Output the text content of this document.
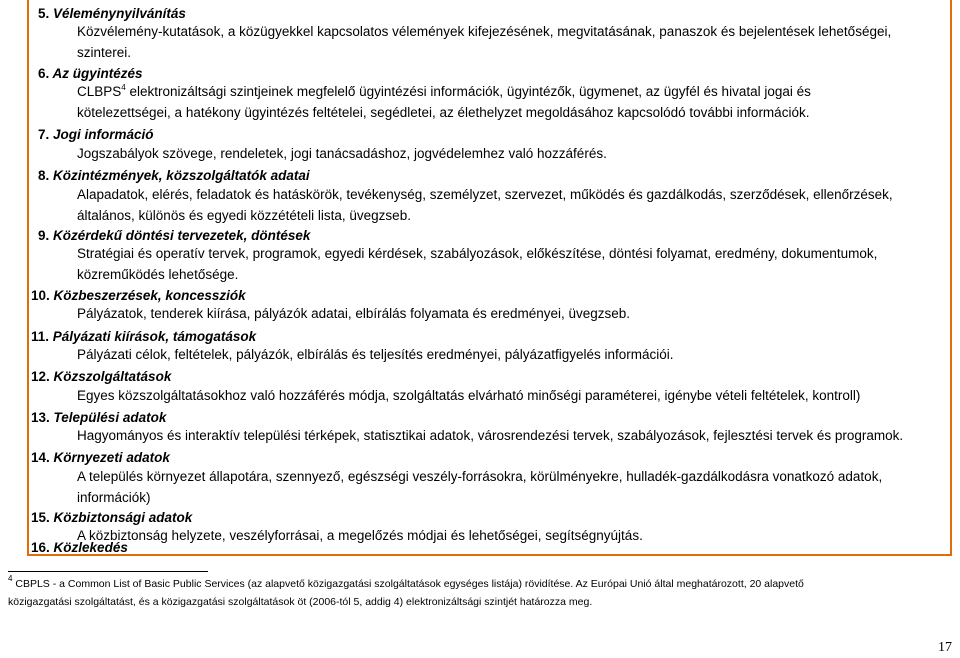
5. Véleménynyilvánítás
Közvélemény-kutatások, a közügyekkel kapcsolatos vélemények kifejezésének, megvitatásának, panaszok és bejelentések lehetőségei,
szinterei.
6. Az ügyintézés
CLBPS$^4$ elektronizáltsági szintjeinek megfelelő ügyintézési információk, ügyintézők, ügymenet, az ügyfél és hivatal jogai és
kötelezettségei, a hatékony ügyintézés feltételei, segédletei, az élethelyzet megoldásához kapcsolódó további információk.
7. Jogi információ
Jogszabályok szövege, rendeletek, jogi tanácsadáshoz, jogvédelemhez való hozzáférés.
8. Közintézmények, közszolgáltatók adatai
Alapadatok, elérés, feladatok és hatáskörök, tevékenység, személyzet, szervezet, működés és gazdálkodás, szerződések, ellenőrzések,
általános, különös és egyedi közzétételi lista, üvegzseb.
9. Közérdekű döntési tervezetek, döntések
Stratégiai és operatív tervek, programok, egyedi kérdések, szabályozások, előkészítése, döntési folyamat, eredmény, dokumentumok,
közreműködés lehetősége.
10. Közbeszerzések, koncessziók
Pályázatok, tenderek kiírása, pályázók adatai, elbírálás folyamata és eredményei, üvegzseb.
11. Pályázati kiírások, támogatások
Pályázati célok, feltételek, pályázók, elbírálás és teljesítés eredményei, pályázatfigyelés információi.
12. Közszolgáltatások
Egyes közszolgáltatásokhoz való hozzáférés módja, szolgáltatás elvárható minőségi paraméterei, igénybe vételi feltételek, kontroll)
13. Települési adatok
Hagyományos és interaktív települési térképek, statisztikai adatok, városrendezési tervek, szabályozások, fejlesztési tervek és programok.
14. Környezeti adatok
A település környezet állapotára, szennyező, egészségi veszély-forrásokra, körülményekre, hulladék-gazdálkodásra vonatkozó adatok,
információk)
15. Közbiztonsági adatok
A közbiztonság helyzete, veszélyforrásai, a megelőzés módjai és lehetőségei, segítségnyújtás.
16. Közlekedés
$^4$ CBPLS - a Common List of Basic Public Services (az alapvető közigazgatási szolgáltatások egységes listája) rövidítése. Az Európai Unió által meghatározott, 20 alapvető
közigazgatási szolgáltatást, és a közigazgatási szolgáltatások öt (2006-tól 5, addig 4) elektronizáltsági szintjét határozza meg.
17
